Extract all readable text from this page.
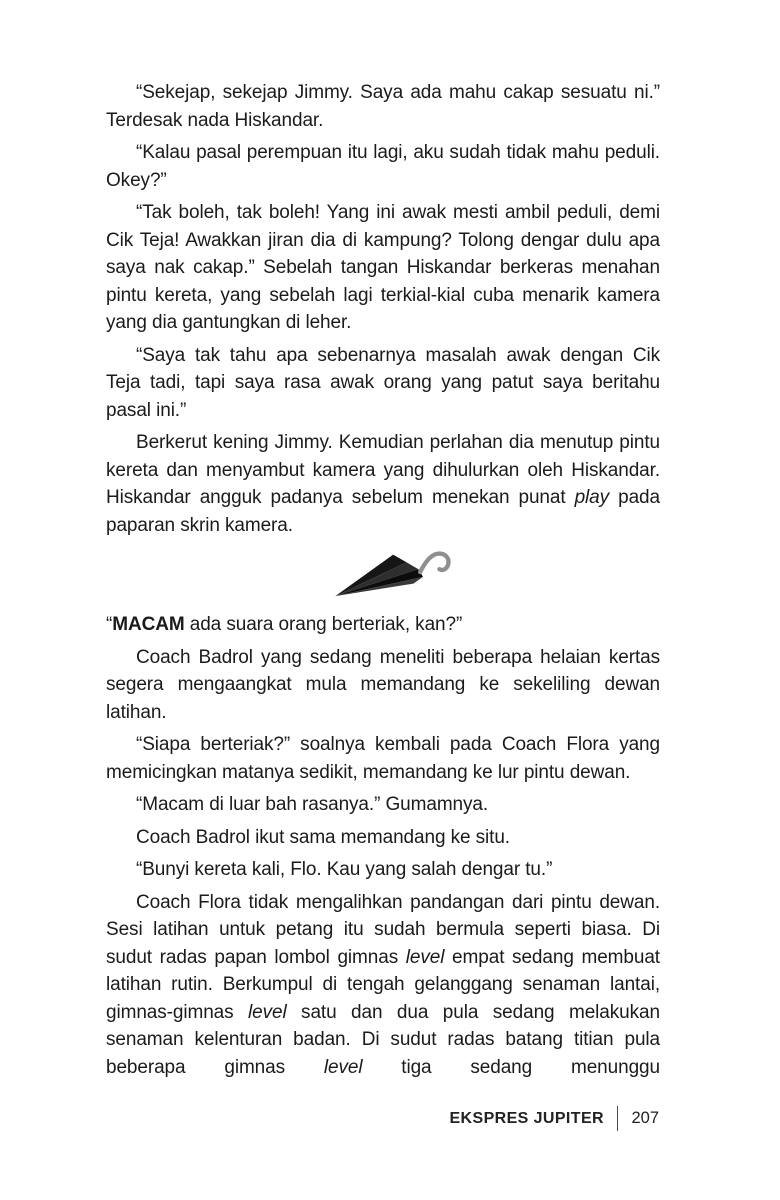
“Sekejap, sekejap Jimmy. Saya ada mahu cakap sesuatu ni.” Terdesak nada Hiskandar.

“Kalau pasal perempuan itu lagi, aku sudah tidak mahu peduli. Okey?”

“Tak boleh, tak boleh! Yang ini awak mesti ambil peduli, demi Cik Teja! Awakkan jiran dia di kampung? Tolong dengar dulu apa saya nak cakap.” Sebelah tangan Hiskandar berkeras menahan pintu kereta, yang sebelah lagi terkial-kial cuba menarik kamera yang dia gantungkan di leher.

“Saya tak tahu apa sebenarnya masalah awak dengan Cik Teja tadi, tapi saya rasa awak orang yang patut saya beritahu pasal ini.”

Berkerut kening Jimmy. Kemudian perlahan dia menutup pintu kereta dan menyambut kamera yang dihulurkan oleh Hiskandar. Hiskandar angguk padanya sebelum menekan punat play pada paparan skrin kamera.

“MACAM ada suara orang berteriak, kan?”

Coach Badrol yang sedang meneliti beberapa helaian kertas segera mengaangkat mula memandang ke sekeliling dewan latihan.

“Siapa berteriak?” soalnya kembali pada Coach Flora yang memicingkan matanya sedikit, memandang ke lur pintu dewan.

“Macam di luar bah rasanya.” Gumamnya.

Coach Badrol ikut sama memandang ke situ.

“Bunyi kereta kali, Flo. Kau yang salah dengar tu.”

Coach Flora tidak mengalihkan pandangan dari pintu dewan. Sesi latihan untuk petang itu sudah bermula seperti biasa. Di sudut radas papan lombol gimnas level empat sedang membuat latihan rutin. Berkumpul di tengah gelanggang senaman lantai, gimnas-gimnas level satu dan dua pula sedang melakukan senaman kelenturan badan. Di sudut radas batang titian pula beberapa gimnas level tiga sedang menunggu

EKSPRES JUPITER 207
